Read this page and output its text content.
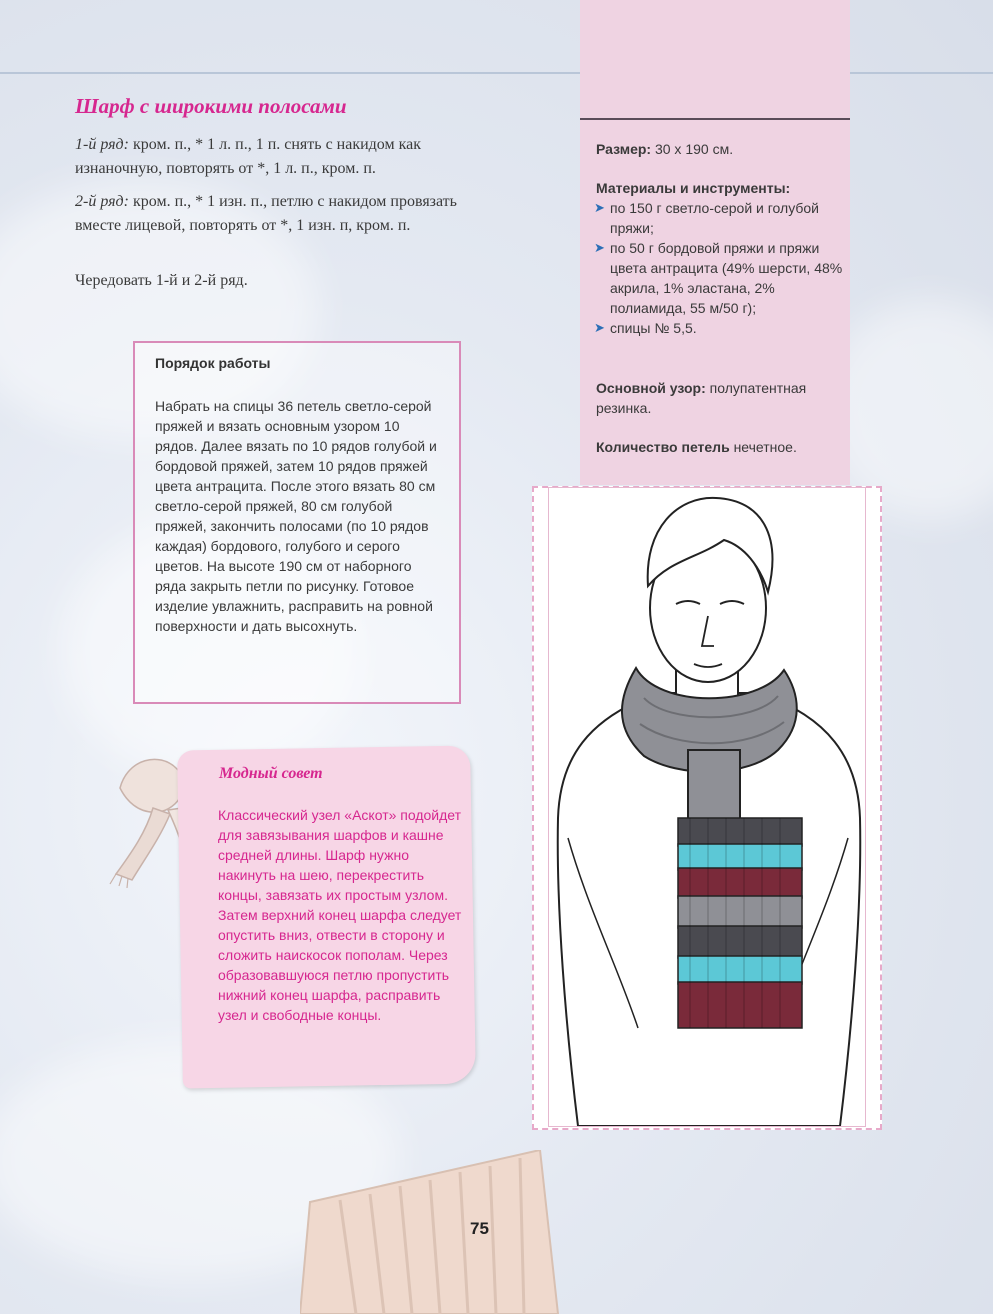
Шарф с широкими полосами

1-й ряд: кром. п., * 1 л. п., 1 п. снять с накидом как изнаночную, повторять от *, 1 л. п., кром. п.

2-й ряд: кром. п., * 1 изн. п., петлю с накидом провязать вместе лицевой, повторять от *, 1 изн. п, кром. п.

Чередовать 1-й и 2-й ряд.

Размер: 30 х 190 см.

Материалы и инструменты:

➤ по 150 г светло-серой и голубой пряжи;
➤ по 50 г бордовой пряжи и пряжи цвета антрацита (49% шерсти, 48% акрила, 1% эластана, 2% полиамида, 55 м/50 г);
➤ спицы № 5,5.

Основной узор: полупатентная резинка.

Количество петель нечетное.

Порядок работы

Набрать на спицы 36 петель светло-серой пряжей и вязать основным узором 10 рядов. Далее вязать по 10 рядов голубой и бордовой пряжей, затем 10 рядов пряжей цвета антрацита. После этого вязать 80 см светло-серой пряжей, 80 см голубой пряжей, закончить полосами (по 10 рядов каждая) бордового, голубого и серого цветов. На высоте 190 см от наборного ряда закрыть петли по рисунку. Готовое изделие увлажнить, расправить на ровной поверхности и дать высохнуть.

Модный совет

Классический узел «Аскот» подойдет для завязывания шарфов и кашне средней длины. Шарф нужно накинуть на шею, перекрестить концы, завязать их простым узлом. Затем верхний конец шарфа следует опустить вниз, отвести в сторону и сложить наискосок пополам. Через образовавшуюся петлю пропустить нижний конец шарфа, расправить узел и свободные концы.

75
